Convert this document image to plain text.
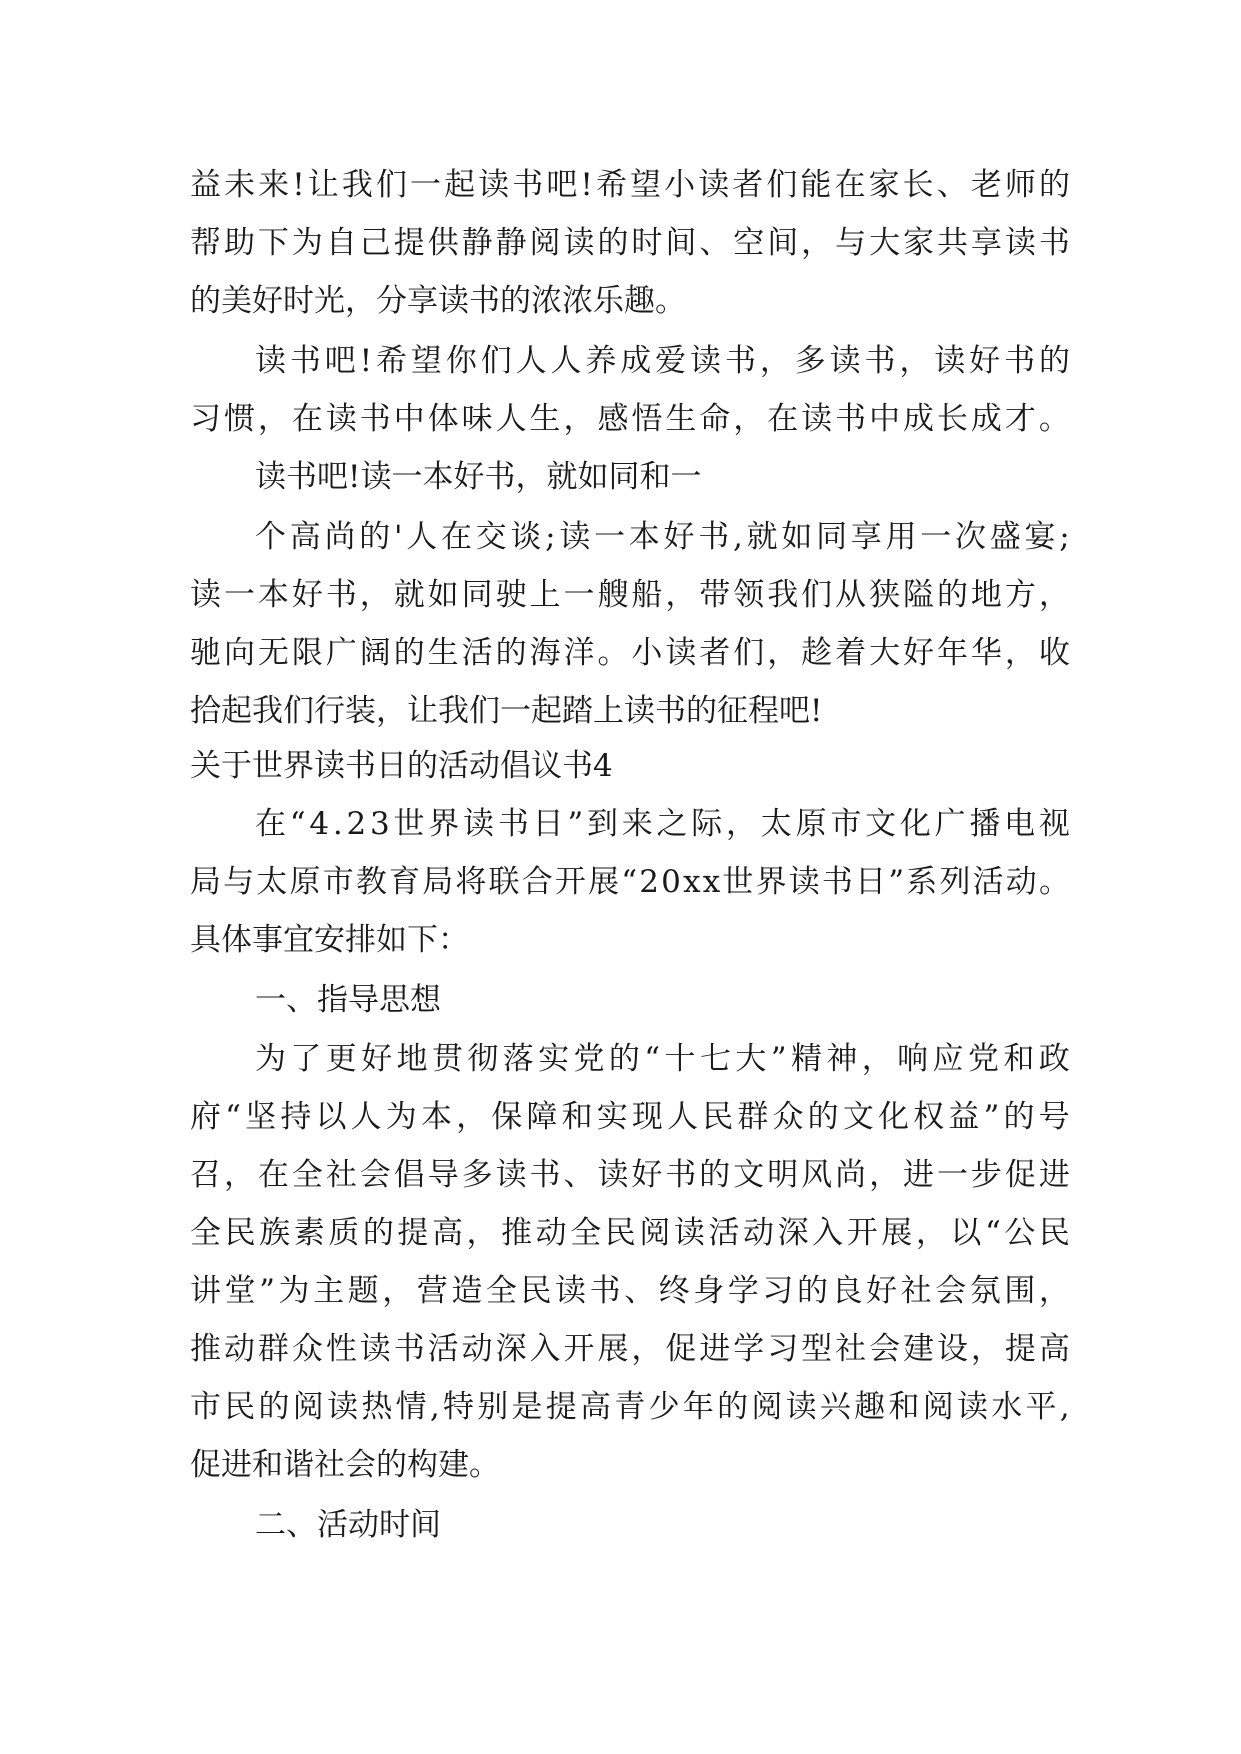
益 未 来 ! 让 我 们 一 起 读 书 吧 ! 希 望 小 读 者 们 能 在 家 长 、 老 师 的
帮 助 下 为 自 己 提 供 静 静 阅 读 的 时 间 、 空 间 ， 与 大 家 共 享 读 书
的美好时光，分享读书的浓浓乐趣。
读 书 吧 ! 希 望 你 们 人 人 养 成 爱 读 书 ， 多 读 书 ， 读 好 书 的
习 惯 ， 在 读 书 中 体 味 人 生 ， 感 悟 生 命 ， 在 读 书 中 成 长 成 才 。
读书吧!读一本好书，就如同和一
个 高 尚 的 ' 人 在 交 谈 ; 读 一 本 好 书 , 就 如 同 享 用 一 次 盛 宴 ;
读 一 本 好 书 ， 就 如 同 驶 上 一 艘 船 ， 带 领 我 们 从 狭 隘 的 地 方 ，
驰 向 无 限 广 阔 的 生 活 的 海 洋 。 小 读 者 们 ， 趁 着 大 好 年 华 ， 收
拾起我们行装，让我们一起踏上读书的征程吧!
关于世界读书日的活动倡议书4
在 “ 4 . 2 3 世 界 读 书 日 ” 到 来 之 际 ， 太 原 市 文 化 广 播 电 视
局 与 太 原 市 教 育 局 将 联 合 开 展 “ 2 0 x x 世 界 读 书 日 ” 系 列 活 动 。
具体事宜安排如下：
一、指导思想
为 了 更 好 地 贯 彻 落 实 党 的 “ 十 七 大 ” 精 神 ， 响 应 党 和 政
府 “ 坚 持 以 人 为 本 ， 保 障 和 实 现 人 民 群 众 的 文 化 权 益 ” 的 号
召 ， 在 全 社 会 倡 导 多 读 书 、 读 好 书 的 文 明 风 尚 ， 进 一 步 促 进
全 民 族 素 质 的 提 高 ， 推 动 全 民 阅 读 活 动 深 入 开 展 ， 以 “ 公 民
讲 堂 ” 为 主 题 ， 营 造 全 民 读 书 、 终 身 学 习 的 良 好 社 会 氛 围 ，
推 动 群 众 性 读 书 活 动 深 入 开 展 ， 促 进 学 习 型 社 会 建 设 ， 提 高
市 民 的 阅 读 热 情 , 特 别 是 提 高 青 少 年 的 阅 读 兴 趣 和 阅 读 水 平 ,
促进和谐社会的构建。
二、活动时间
